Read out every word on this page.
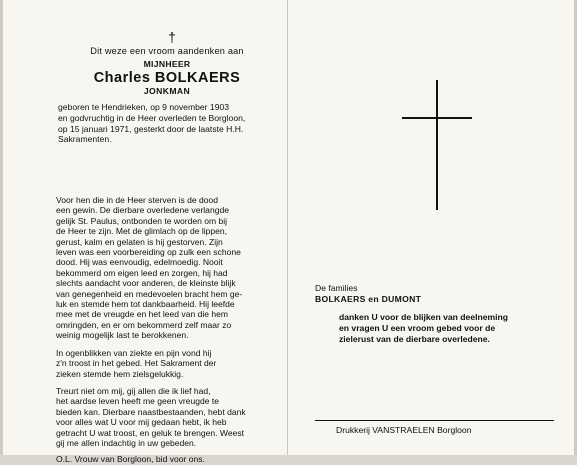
†
Dit weze een vroom aandenken aan
MIJNHEER
Charles BOLKAERS
JONKMAN
geboren te Hendrieken, op 9 november 1903
en godvruchtig in de Heer overleden te Borgloon,
op 15 januari 1971, gesterkt door de laatste H.H.
Sakramenten.
Voor hen die in de Heer sterven is de dood
een gewin. De dierbare overledene verlangde
gelijk St. Paulus, ontbonden te worden om bij
de Heer te zijn. Met de glimlach op de lippen,
gerust, kalm en gelaten is hij gestorven. Zijn
leven was een voorbereiding op zulk een schone
dood. Hij was eenvoudig, edelmoedig. Nooit
bekommerd om eigen leed en zorgen, hij had
slechts aandacht voor anderen, de kleinste blijk
van genegenheid en medevoelen bracht hem ge-
luk en stemde hem tot dankbaarheid. Hij leefde
mee met de vreugde en het leed van die hem
omringden, en er om bekommerd zelf maar zo
weinig mogelijk last te berokkenen.
In ogenblikken van ziekte en pijn vond hij
z'n troost in het gebed. Het Sakrament der
zieken stemde hem zielsgelukkig.
Treurt niet om mij, gij allen die ik lief had,
het aardse leven heeft me geen vreugde te
bieden kan. Dierbare naastbestaanden, hebt dank
voor alles wat U voor mij gedaan hebt, ik heb
getracht U wat troost, en geluk te brengen. Weest
gij me allen indachtig in uw gebeden.
O.L. Vrouw van Borgloon, bid voor ons.
De families
BOLKAERS en DUMONT
danken U voor de blijken van deelneming
en vragen U een vroom gebed voor de
zielerust van de dierbare overledene.
Drukkerij VANSTRAELEN Borgloon
